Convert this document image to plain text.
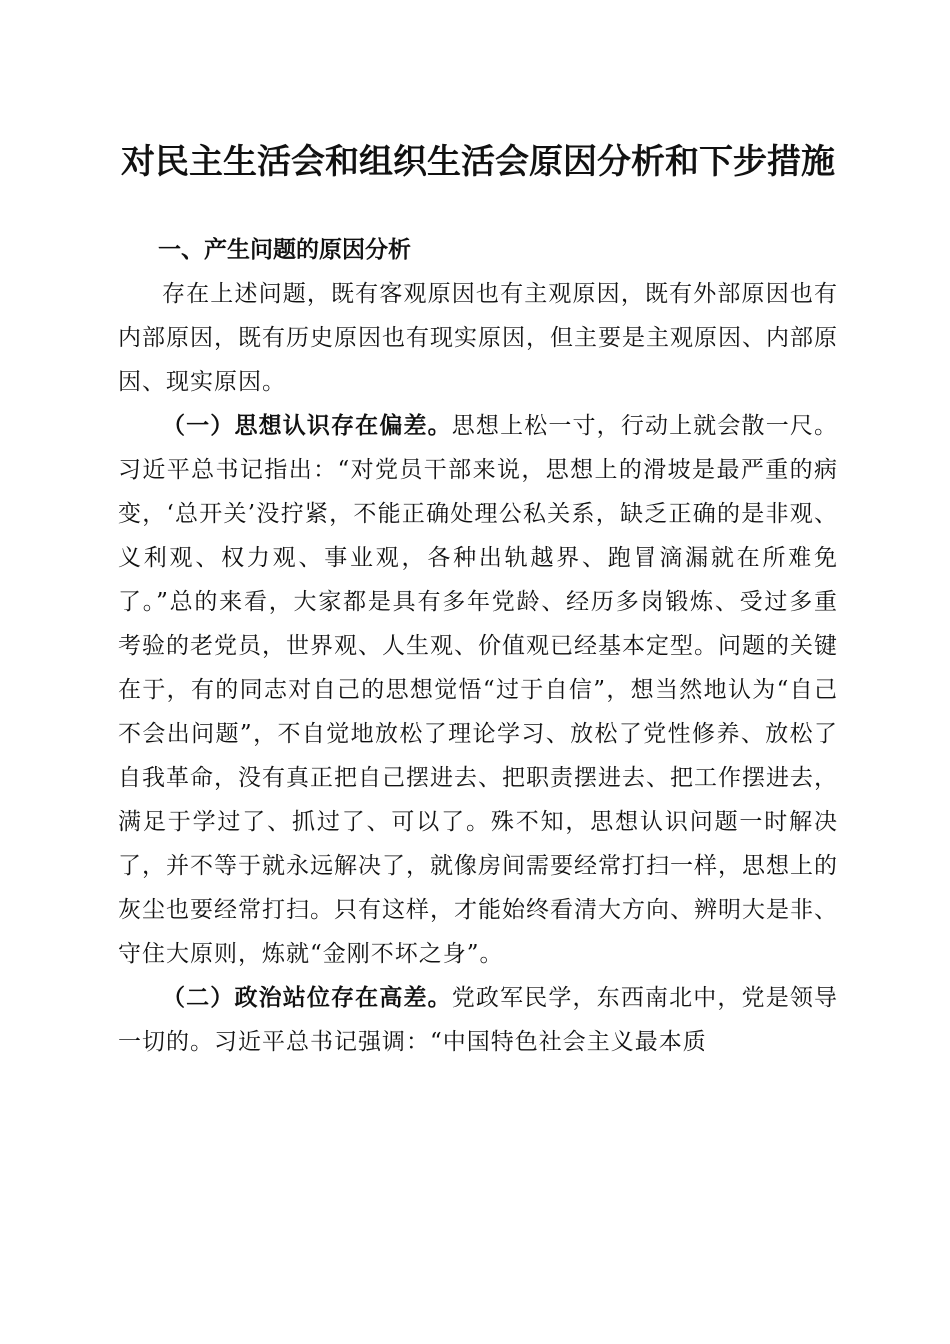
对民主生活会和组织生活会原因分析和下步措施
一、产生问题的原因分析

存在上述问题，既有客观原因也有主观原因，既有外部原因也有内部原因，既有历史原因也有现实原因，但主要是主观原因、内部原因、现实原因。

（一）思想认识存在偏差。思想上松一寸，行动上就会散一尺。习近平总书记指出：“对党员干部来说，思想上的滑坡是最严重的病变，‘总开关’没拧紧，不能正确处理公私关系，缺乏正确的是非观、义利观、权力观、事业观，各种出轨越界、跑冒滴漏就在所难免了。”总的来看，大家都是具有多年党龄、经历多岗锻炼、受过多重考验的老党员，世界观、人生观、价值观已经基本定型。问题的关键在于，有的同志对自己的思想觉悟“过于自信”，想当然地认为“自己不会出问题”，不自觉地放松了理论学习、放松了党性修养、放松了自我革命，没有真正把自己摆进去、把职责摆进去、把工作摆进去，满足于学过了、抓过了、可以了。殊不知，思想认识问题一时解决了，并不等于就永远解决了，就像房间需要经常打扫一样，思想上的灰尘也要经常打扫。只有这样，才能始终看清大方向、辨明大是非、守住大原则，炼就“金刚不坏之身”。

（二）政治站位存在高差。党政军民学，东西南北中，党是领导一切的。习近平总书记强调：“中国特色社会主义最本质
